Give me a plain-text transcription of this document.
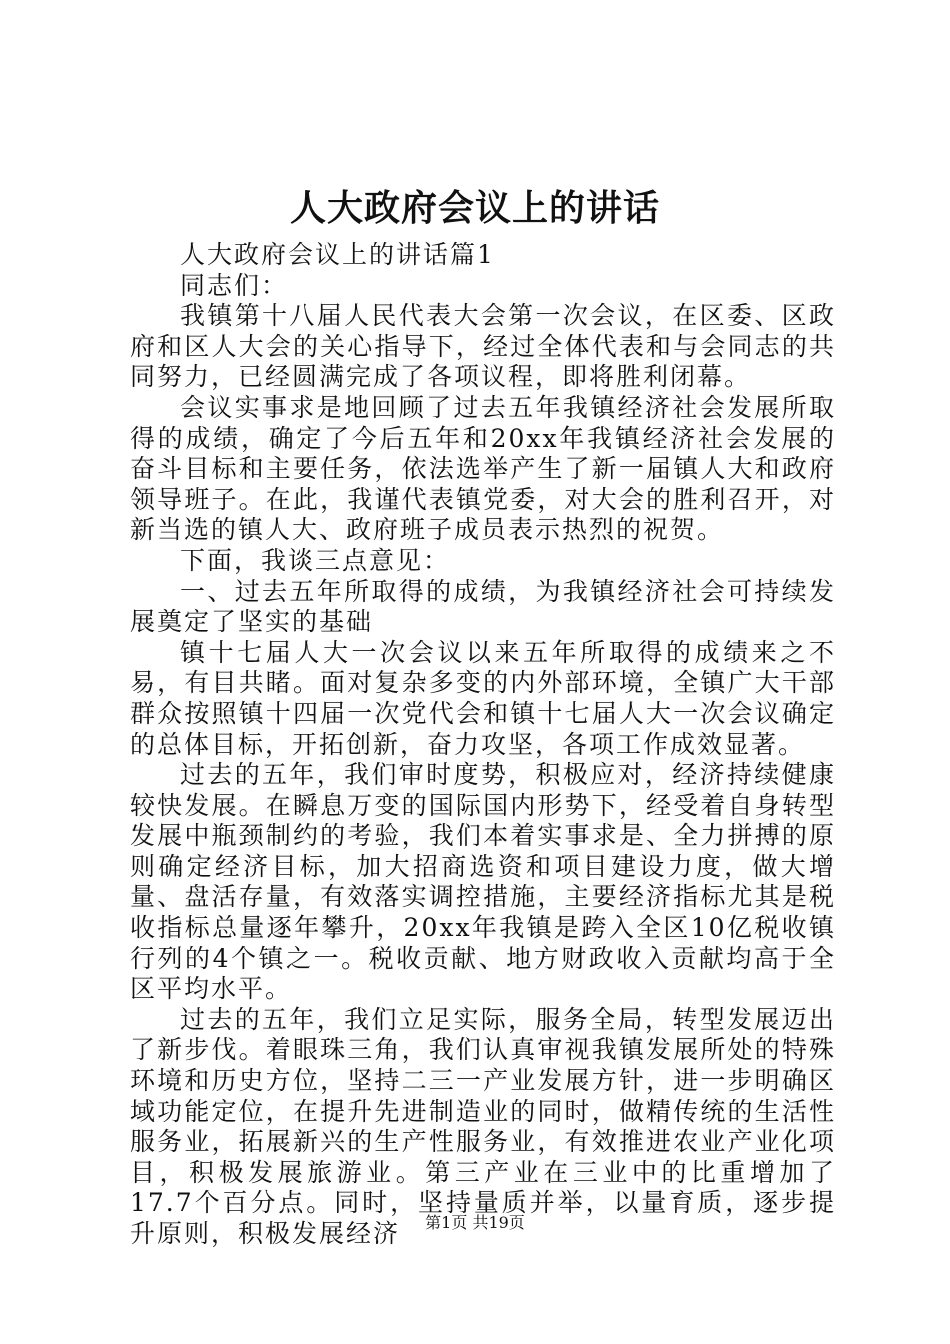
人大政府会议上的讲话

人大政府会议上的讲话篇1

同志们：

我镇第十八届人民代表大会第一次会议，在区委、区政府和区人大会的关心指导下，经过全体代表和与会同志的共同努力，已经圆满完成了各项议程，即将胜利闭幕。

会议实事求是地回顾了过去五年我镇经济社会发展所取得的成绩，确定了今后五年和20xx年我镇经济社会发展的奋斗目标和主要任务，依法选举产生了新一届镇人大和政府领导班子。在此，我谨代表镇党委，对大会的胜利召开，对新当选的镇人大、政府班子成员表示热烈的祝贺。

下面，我谈三点意见：

一、过去五年所取得的成绩，为我镇经济社会可持续发展奠定了坚实的基础

镇十七届人大一次会议以来五年所取得的成绩来之不易，有目共睹。面对复杂多变的内外部环境，全镇广大干部群众按照镇十四届一次党代会和镇十七届人大一次会议确定的总体目标，开拓创新，奋力攻坚，各项工作成效显著。

过去的五年，我们审时度势，积极应对，经济持续健康较快发展。在瞬息万变的国际国内形势下，经受着自身转型发展中瓶颈制约的考验，我们本着实事求是、全力拼搏的原则确定经济目标，加大招商选资和项目建设力度，做大增量、盘活存量，有效落实调控措施，主要经济指标尤其是税收指标总量逐年攀升，20xx年我镇是跨入全区10亿税收镇行列的4个镇之一。税收贡献、地方财政收入贡献均高于全区平均水平。

过去的五年，我们立足实际，服务全局，转型发展迈出了新步伐。着眼珠三角，我们认真审视我镇发展所处的特殊环境和历史方位，坚持二三一产业发展方针，进一步明确区域功能定位，在提升先进制造业的同时，做精传统的生活性服务业，拓展新兴的生产性服务业，有效推进农业产业化项目，积极发展旅游业。第三产业在三业中的比重增加了17.7个百分点。同时，坚持量质并举，以量育质，逐步提升原则，积极发展经济	第1页 共19页
